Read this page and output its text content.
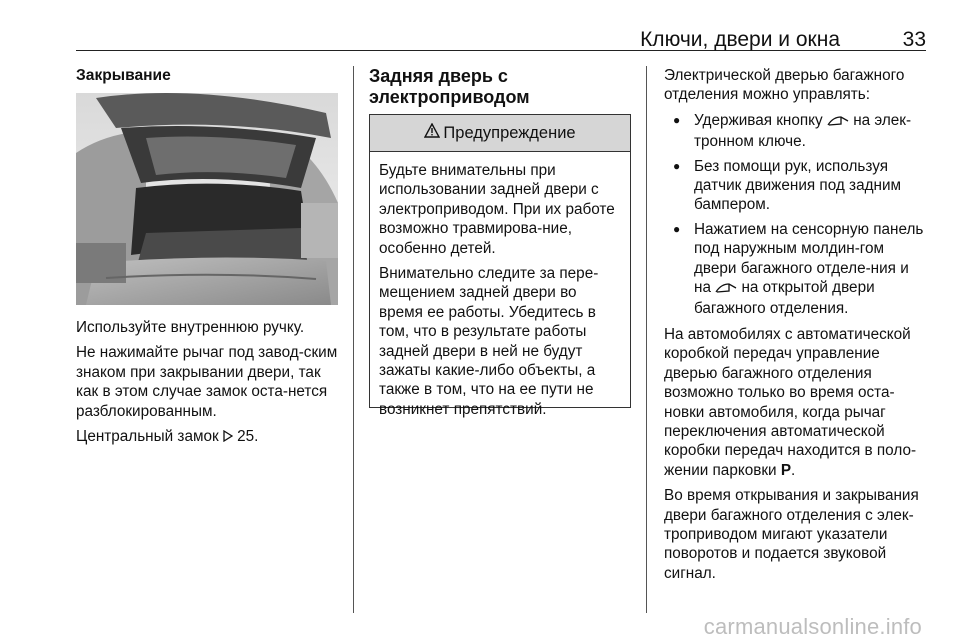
Ключи, двери и окна	33

Закрывание

Используйте внутреннюю ручку.

Не нажимайте рычаг под завод-ским знаком при закрывании двери, так как в этом случае замок оста-нется разблокированным.

Центральный замок 25.

Задняя дверь с
электроприводом

Предупреждение

Будьте внимательны при использовании задней двери с электроприводом. При их работе возможно травмирова-ние, особенно детей.

Внимательно следите за пере-мещением задней двери во время ее работы. Убедитесь в том, что в результате работы задней двери в ней не будут зажаты какие-либо объекты, а также в том, что на ее пути не возникнет препятствий.

Электрической дверью багажного отделения можно управлять:

● Удерживая кнопку на элек-тронном ключе.
● Без помощи рук, используя датчик движения под задним бампером.
● Нажатием на сенсорную панель под наружным молдин-гом двери багажного отделе-ния и на на открытой двери багажного отделения.

На автомобилях с автоматической коробкой передач управление дверью багажного отделения возможно только во время оста-новки автомобиля, когда рычаг переключения автоматической коробки передач находится в поло-жении парковки P.

Во время открывания и закрывания двери багажного отделения с элек-троприводом мигают указатели поворотов и подается звуковой сигнал.

carmanualsonline.info
